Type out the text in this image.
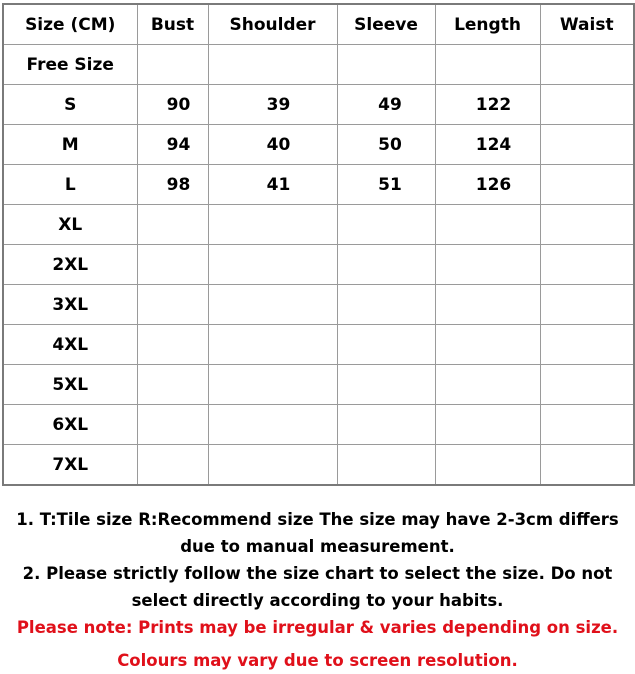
Size (CM)	Bust	Shoulder	Sleeve	Length	Waist
Free Size					
S	90	39	49	122	
M	94	40	50	124	
L	98	41	51	126	
XL					
2XL					
3XL					
4XL					
5XL					
6XL					
7XL					

1. T:Tile size R:Recommend size The size may have 2-3cm differs due to manual measurement.

2. Please strictly follow the size chart to select the size. Do not select directly according to your habits.

Please note: Prints may be irregular & varies depending on size.

Colours may vary due to screen resolution.
